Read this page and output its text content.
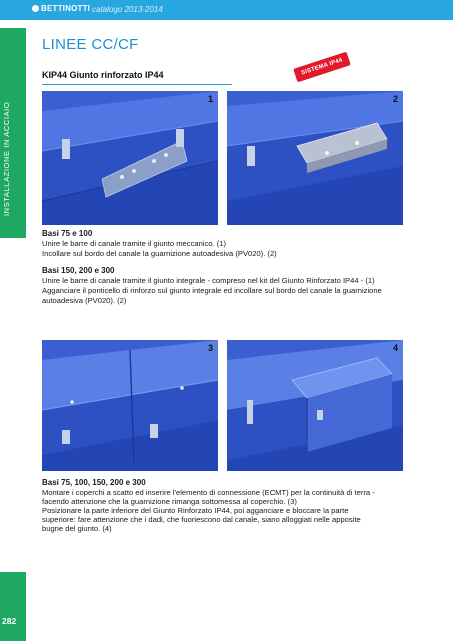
BETTINOTTI catalogo 2013-2014
INSTALLAZIONE IN ACCIAIO
282
LINEE CC/CF
KIP44 Giunto rinforzato IP44	SISTEMA IP44
1	2
3	4
Basi 75 e 100
Unire le barre di canale tramite il giunto meccanico. (1)
Incollare sul bordo del canale la guarnizione autoadesiva (PV020). (2)
Basi 150, 200 e 300
Unire le barre di canale tramite il giunto integrale - compreso nel kit del Giunto Rinforzato IP44 - (1)
Agganciare il ponticello di rinforzo sul giunto integrale ed incollare sul bordo del canale la guarnizione
autoadesiva (PV020). (2)
Basi 75, 100, 150, 200 e 300
Montare i coperchi a scatto ed inserire l'elemento di connessione (ECMT) per la continuità di terra -
facendo attenzione che la guarnizione rimanga sottomessa al coperchio. (3)
Posizionare la parte inferiore del Giunto Rinforzato IP44, poi agganciare e bloccare la parte
superiore: fare attenzione che i dadi, che fuoriescono dal canale, siano alloggiati nelle apposite
bugne del giunto. (4)
